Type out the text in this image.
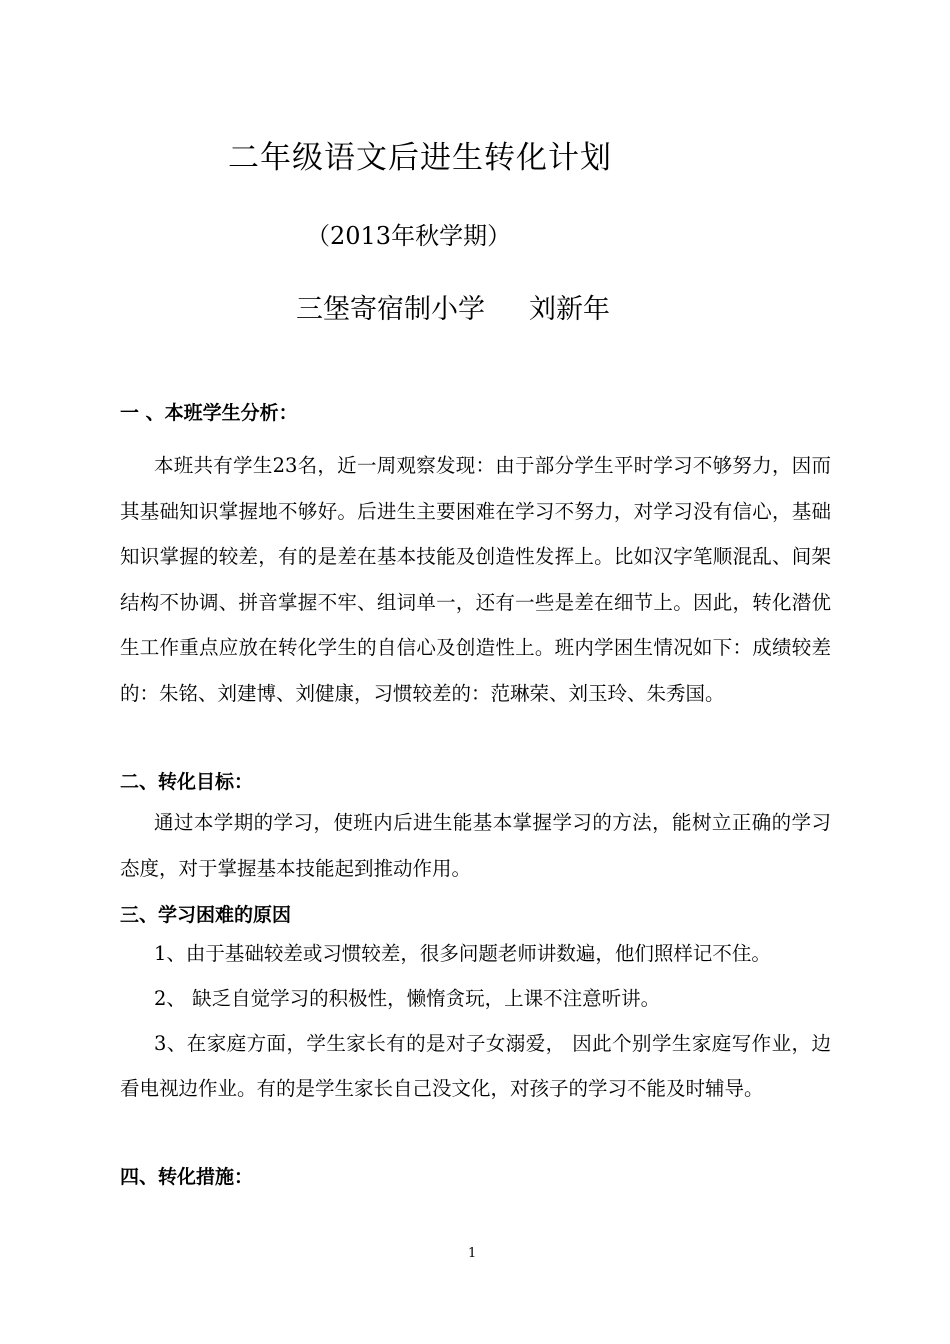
二年级语文后进生转化计划
（2013年秋学期）
三堡寄宿制小学 刘新年
一 、本班学生分析：
本班共有学生23名，近一周观察发现：由于部分学生平时学习不够努力，因而其基础知识掌握地不够好。后进生主要困难在学习不努力，对学习没有信心，基础知识掌握的较差，有的是差在基本技能及创造性发挥上。比如汉字笔顺混乱、间架结构不协调、拼音掌握不牢、组词单一，还有一些是差在细节上。因此，转化潜优生工作重点应放在转化学生的自信心及创造性上。班内学困生情况如下：成绩较差的：朱铭、刘建博、刘健康，习惯较差的：范琳荣、刘玉玲、朱秀国。
二、转化目标：
通过本学期的学习，使班内后进生能基本掌握学习的方法，能树立正确的学习态度，对于掌握基本技能起到推动作用。
三、学习困难的原因
1、由于基础较差或习惯较差，很多问题老师讲数遍，他们照样记不住。
2、 缺乏自觉学习的积极性，懒惰贪玩，上课不注意听讲。
3、在家庭方面，学生家长有的是对子女溺爱， 因此个别学生家庭写作业，边看电视边作业。有的是学生家长自己没文化，对孩子的学习不能及时辅导。
四、转化措施：
1
